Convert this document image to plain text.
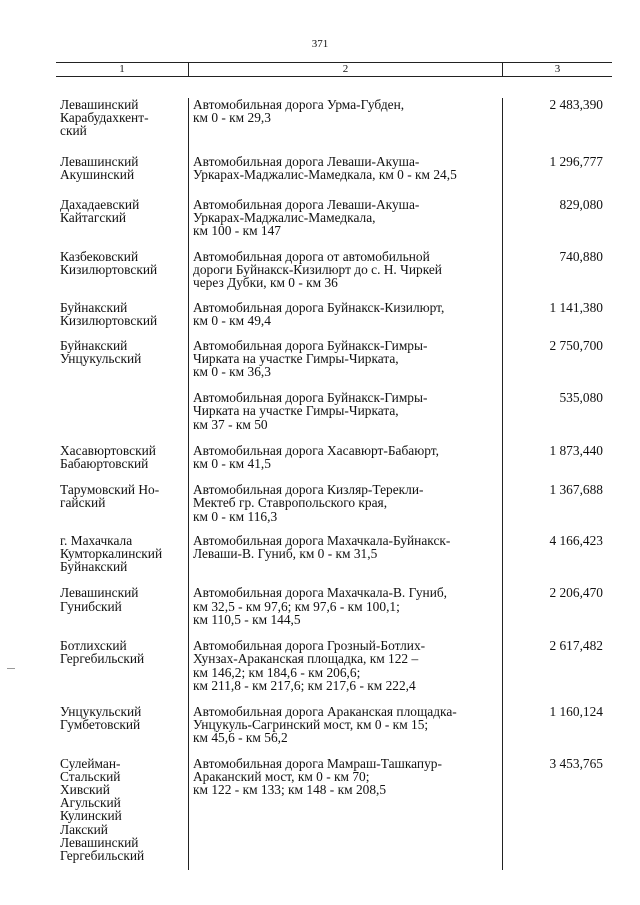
371
1	2	3
Левашинский
Карабудахкент-
ский
Автомобильная дорога Урма-Губден,
км 0 - км 29,3
2 483,390
Левашинский
Акушинский
Автомобильная дорога Леваши-Акуша-
Уркарах-Маджалис-Мамедкала, км 0 - км 24,5
1 296,777
Дахадаевский
Кайтагский
Автомобильная дорога Леваши-Акуша-
Уркарах-Маджалис-Мамедкала,
км 100 - км 147
829,080
Казбековский
Кизилюртовский
Автомобильная дорога от автомобильной
дороги Буйнакск-Кизилюрт до с. Н. Чиркей
через Дубки, км 0 - км 36
740,880
Буйнакский
Кизилюртовский
Автомобильная дорога Буйнакск-Кизилюрт,
км 0 - км 49,4
1 141,380
Буйнакский
Унцукульский
Автомобильная дорога Буйнакск-Гимры-
Чирката на участке Гимры-Чирката,
км 0 - км 36,3
2 750,700
Автомобильная дорога Буйнакск-Гимры-
Чирката на участке Гимры-Чирката,
км 37 - км 50
535,080
Хасавюртовский
Бабаюртовский
Автомобильная дорога Хасавюрт-Бабаюрт,
км 0 - км 41,5
1 873,440
Тарумовский Но-
гайский
Автомобильная дорога Кизляр-Терекли-
Мектеб гр. Ставропольского края,
км 0 - км 116,3
1 367,688
г. Махачкала
Кумторкалинский
Буйнакский
Автомобильная дорога Махачкала-Буйнакск-
Леваши-В. Гуниб, км 0 - км 31,5
4 166,423
Левашинский
Гунибский
Автомобильная дорога Махачкала-В. Гуниб,
км 32,5 - км 97,6; км 97,6 - км 100,1;
км 110,5 - км 144,5
2 206,470
Ботлихский
Гергебильский
Автомобильная дорога Грозный-Ботлих-
Хунзах-Араканская площадка, км 122 –
км 146,2; км 184,6 - км 206,6;
км 211,8 - км 217,6; км 217,6 - км 222,4
2 617,482
Унцукульский
Гумбетовский
Автомобильная дорога Араканская площадка-
Унцукуль-Сагринский мост, км 0 - км 15;
км 45,6 - км 56,2
1 160,124
Сулейман-
Стальский
Хивский
Агульский
Кулинский
Лакский
Левашинский
Гергебильский
Автомобильная дорога Мамраш-Ташкапур-
Араканский мост, км 0 - км 70;
км 122 - км 133; км 148 - км 208,5
3 453,765
